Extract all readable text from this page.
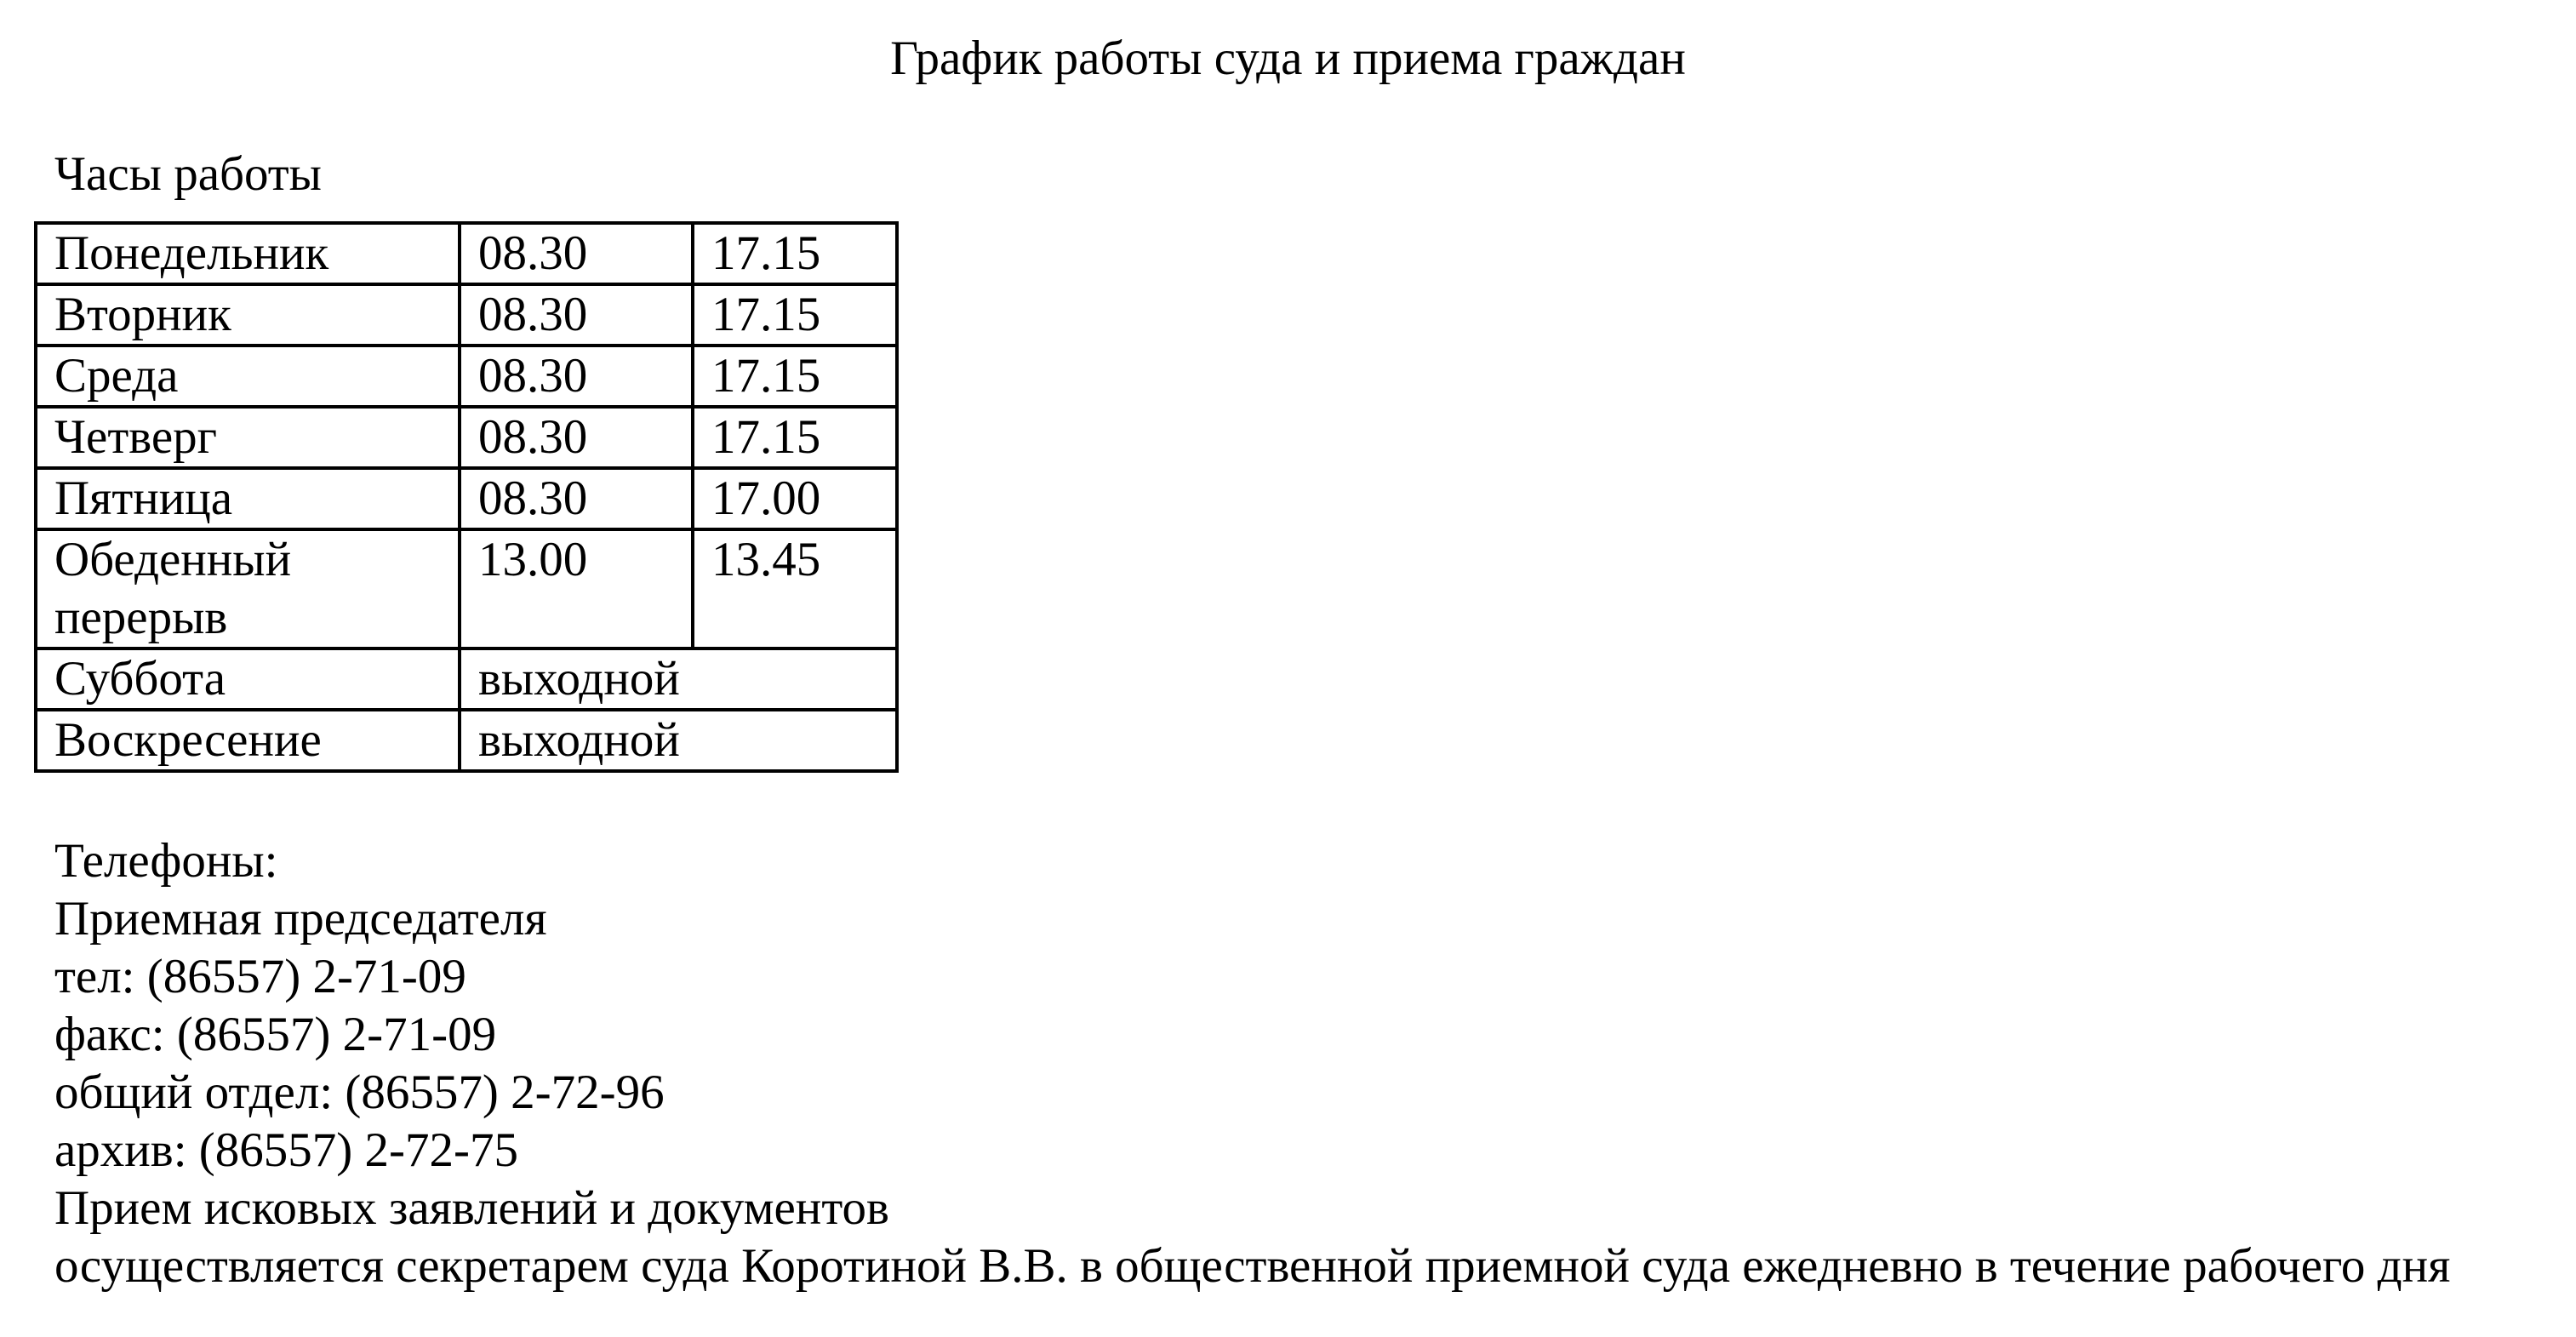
График работы суда и приема граждан
Часы работы
Понедельник	08.30	17.15
Вторник	08.30	17.15
Среда	08.30	17.15
Четверг	08.30	17.15
Пятница	08.30	17.00

Обеденный
перерыв	13.00	13.45
Суббота	выходной	
Воскресение	выходной	
Телефоны:
Приемная председателя
тел: (86557) 2-71-09
факс: (86557) 2-71-09
общий отдел: (86557) 2-72-96
архив: (86557) 2-72-75
Прием исковых заявлений и документов
осуществляется секретарем суда Коротиной В.В. в общественной приемной суда ежедневно в течение рабочего дня
